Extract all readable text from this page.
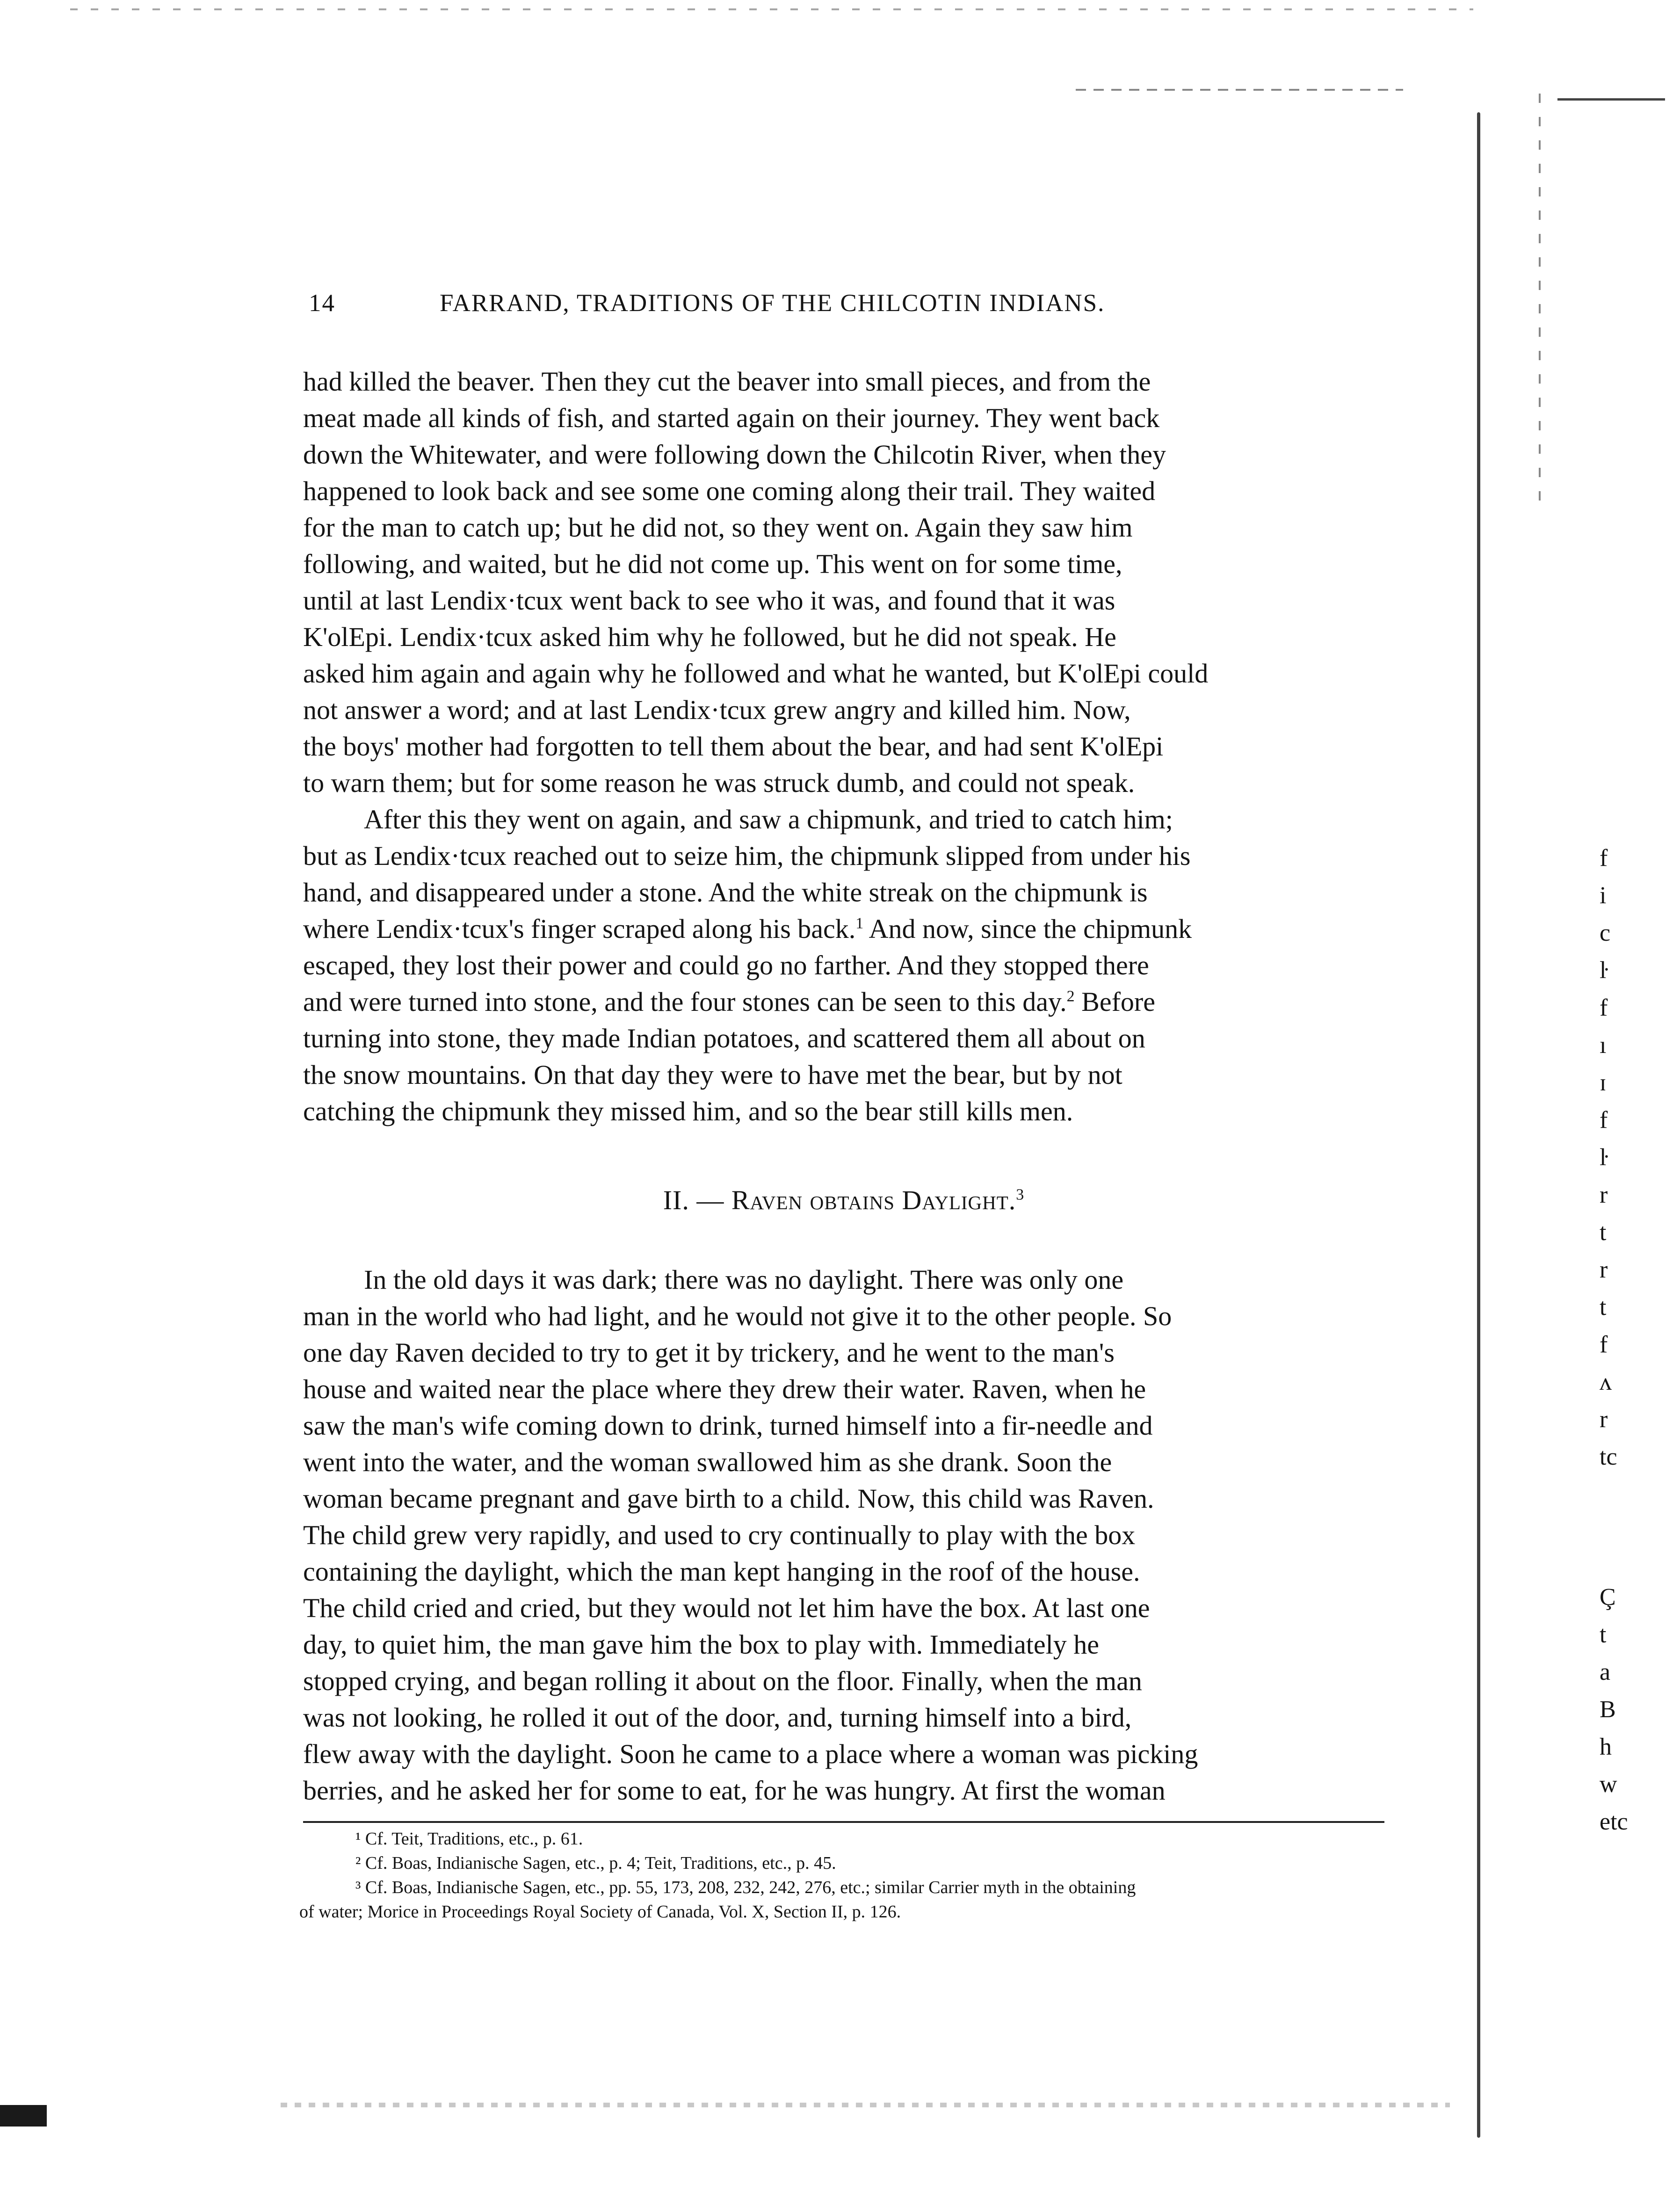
14	FARRAND, TRADITIONS OF THE CHILCOTIN INDIANS.

had killed the beaver. Then they cut the beaver into small pieces, and from the

meat made all kinds of fish, and started again on their journey. They went back

down the Whitewater, and were following down the Chilcotin River, when they

happened to look back and see some one coming along their trail. They waited

for the man to catch up; but he did not, so they went on. Again they saw him

following, and waited, but he did not come up. This went on for some time,

until at last Lendix·tcux went back to see who it was, and found that it was

K'olEpi. Lendix·tcux asked him why he followed, but he did not speak. He

asked him again and again why he followed and what he wanted, but K'olEpi could

not answer a word; and at last Lendix·tcux grew angry and killed him. Now,

the boys' mother had forgotten to tell them about the bear, and had sent K'olEpi

to warn them; but for some reason he was struck dumb, and could not speak.

After this they went on again, and saw a chipmunk, and tried to catch him;

but as Lendix·tcux reached out to seize him, the chipmunk slipped from under his

hand, and disappeared under a stone. And the white streak on the chipmunk is

where Lendix·tcux's finger scraped along his back.$^1$ And now, since the chipmunk

escaped, they lost their power and could go no farther. And they stopped there

and were turned into stone, and the four stones can be seen to this day.$^2$ Before

turning into stone, they made Indian potatoes, and scattered them all about on

the snow mountains. On that day they were to have met the bear, but by not

catching the chipmunk they missed him, and so the bear still kills men.

II. — Raven obtains Daylight.$^3$

In the old days it was dark; there was no daylight. There was only one

man in the world who had light, and he would not give it to the other people. So

one day Raven decided to try to get it by trickery, and he went to the man's

house and waited near the place where they drew their water. Raven, when he

saw the man's wife coming down to drink, turned himself into a fir-needle and

went into the water, and the woman swallowed him as she drank. Soon the

woman became pregnant and gave birth to a child. Now, this child was Raven.

The child grew very rapidly, and used to cry continually to play with the box

containing the daylight, which the man kept hanging in the roof of the house.

The child cried and cried, but they would not let him have the box. At last one

day, to quiet him, the man gave him the box to play with. Immediately he

stopped crying, and began rolling it about on the floor. Finally, when the man

was not looking, he rolled it out of the door, and, turning himself into a bird,

flew away with the daylight. Soon he came to a place where a woman was picking

berries, and he asked her for some to eat, for he was hungry. At first the woman

¹ Cf. Teit, Traditions, etc., p. 61.

² Cf. Boas, Indianische Sagen, etc., p. 4; Teit, Traditions, etc., p. 45.

³ Cf. Boas, Indianische Sagen, etc., pp. 55, 173, 208, 232, 242, 276, etc.; similar Carrier myth in the obtaining

of water; Morice in Proceedings Royal Society of Canada, Vol. X, Section II, p. 126.

f
i
c
ŀ
f
ı
ɪ
f
ŀ
r
t
r
t
f
ʌ
r
tc
Ç
t
a
B
h
w
etc
